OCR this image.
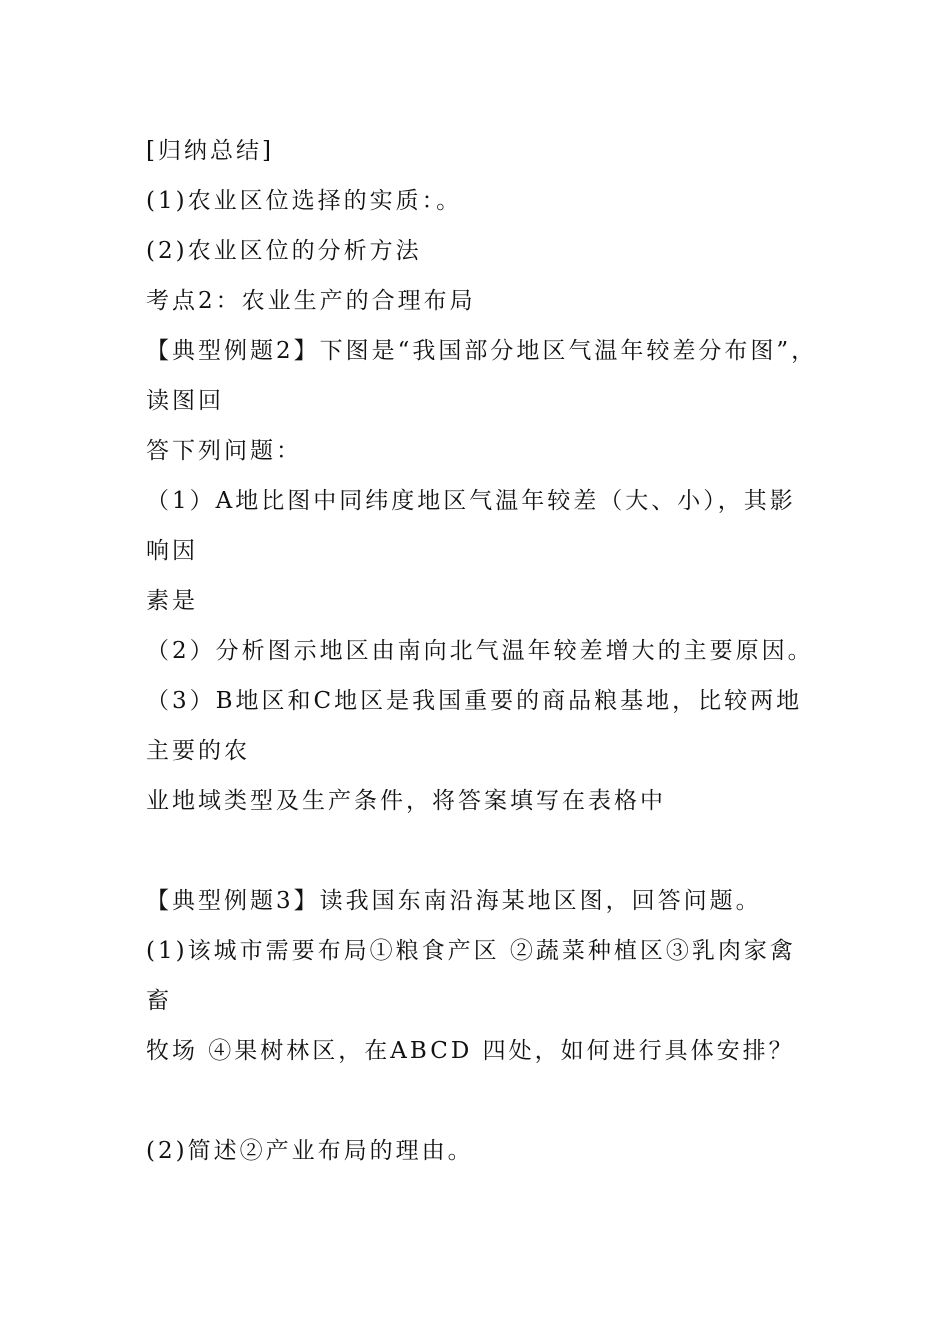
[归纳总结]
(1)农业区位选择的实质：。
(2)农业区位的分析方法
考点2：农业生产的合理布局
【典型例题2】下图是“我国部分地区气温年较差分布图”，
读图回
答下列问题：
（1）A地比图中同纬度地区气温年较差（大、小），其影
响因
素是
（2）分析图示地区由南向北气温年较差增大的主要原因。
（3）B地区和C地区是我国重要的商品粮基地，比较两地
主要的农
业地域类型及生产条件，将答案填写在表格中
【典型例题3】读我国东南沿海某地区图，回答问题。
(1)该城市需要布局①粮食产区 ②蔬菜种植区③乳肉家禽
畜
牧场 ④果树林区，在ABCD 四处，如何进行具体安排？
(2)简述②产业布局的理由。
